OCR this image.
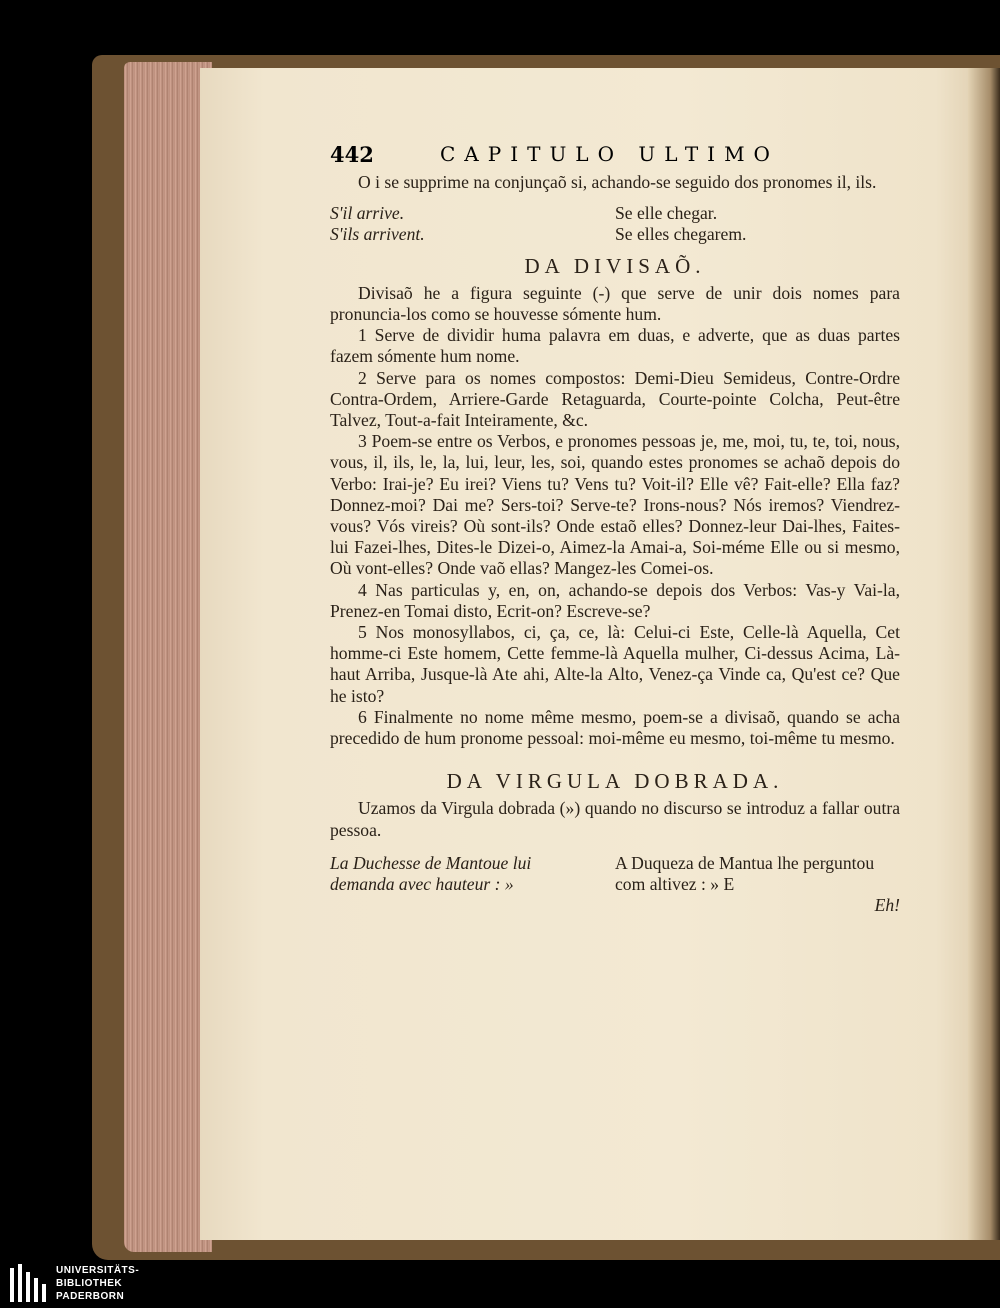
442	CAPITULO ULTIMO

O i se supprime na conjunçaõ si, achando-se seguido dos pronomes il, ils.

S'il arrive.	Se elle chegar.
S'ils arrivent.	Se elles chegarem.
DA DIVISAÕ.

Divisaõ he a figura seguinte (-) que serve de unir dois nomes para pronuncia-los como se houvesse sómente hum.

1 Serve de dividir huma palavra em duas, e adverte, que as duas partes fazem sómente hum nome.

2 Serve para os nomes compostos: Demi-Dieu Semideus, Contre-Ordre Contra-Ordem, Arriere-Garde Retaguarda, Courte-pointe Colcha, Peut-être Talvez, Tout-a-fait Inteiramente, &c.

3 Poem-se entre os Verbos, e pronomes pessoas je, me, moi, tu, te, toi, nous, vous, il, ils, le, la, lui, leur, les, soi, quando estes pronomes se achaõ depois do Verbo: Irai-je? Eu irei? Viens tu? Vens tu? Voit-il? Elle vê? Fait-elle? Ella faz? Donnez-moi? Dai me? Sers-toi? Serve-te? Irons-nous? Nós iremos? Viendrez-vous? Vós vireis? Où sont-ils? Onde estaõ elles? Donnez-leur Dai-lhes, Faites-lui Fazei-lhes, Dites-le Dizei-o, Aimez-la Amai-a, Soi-méme Elle ou si mesmo, Où vont-elles? Onde vaõ ellas? Mangez-les Comei-os.

4 Nas particulas y, en, on, achando-se depois dos Verbos: Vas-y Vai-la, Prenez-en Tomai disto, Ecrit-on? Escreve-se?

5 Nos monosyllabos, ci, ça, ce, là: Celui-ci Este, Celle-là Aquella, Cet homme-ci Este homem, Cette femme-là Aquella mulher, Ci-dessus Acima, Là-haut Arriba, Jusque-là Ate ahi, Alte-la Alto, Venez-ça Vinde ca, Qu'est ce? Que he isto?

6 Finalmente no nome même mesmo, poem-se a divisaõ, quando se acha precedido de hum pronome pessoal: moi-même eu mesmo, toi-même tu mesmo.

DA VIRGULA DOBRADA.

Uzamos da Virgula dobrada (») quando no discurso se introduz a fallar outra pessoa.

La Duchesse de Mantoue lui demanda avec hauteur : »
A Duqueza de Mantua lhe perguntou com altivez : » E
Eh!
UNIVERSITÄTS-
BIBLIOTHEK
PADERBORN
